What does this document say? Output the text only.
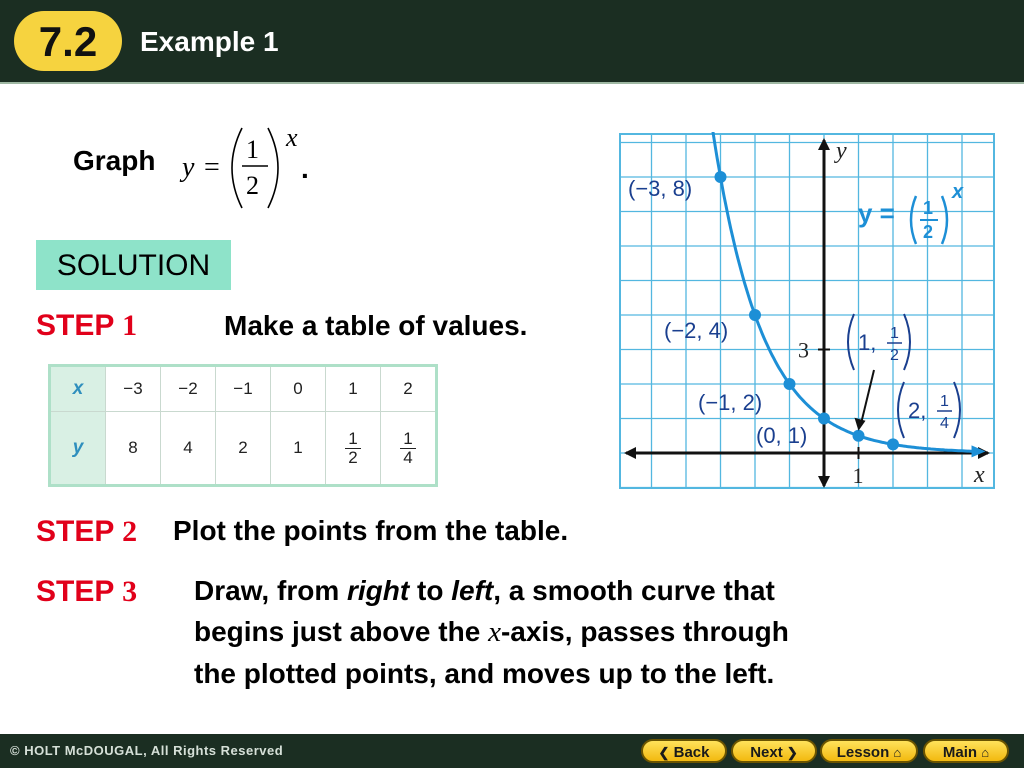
7.2	Example 1
Graph y =
1
2
x
.
SOLUTION
STEP 1	Make a table of values.
x	−3	−2	−1	0	1	2
y	8	4	2	1	$\frac{1}{2}$	$\frac{1}{4}$
STEP 2 Plot the points from the table.
STEP 3 Draw, from right to left, a smooth curve that
begins just above the x-axis, passes through
the plotted points, and moves up to the left.
x
y
1
3
(−3, 8)
(−2, 4)
(−1, 2)
(0, 1)
1, 1
2
2, 1
4
y = 1
2
x
© HOLT McDOUGAL, All Rights Reserved	❮ Back	Next ❯	Lesson ⌂	Main ⌂
